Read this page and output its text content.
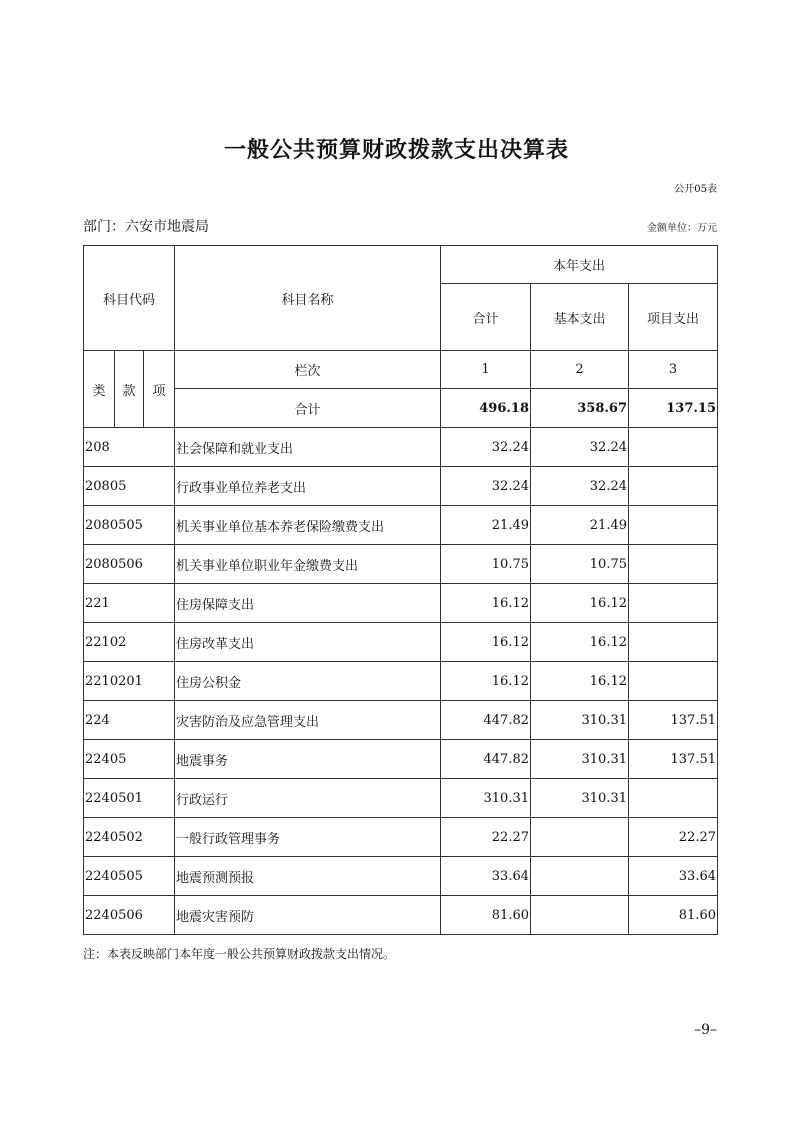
一般公共预算财政拨款支出决算表
公开05表
部门：六安市地震局	金额单位：万元
科目代码			科目名称	本年支出		
				合计	基本支出	项目支出
类	款	项	栏次	1	2	3
			合计	496.18	358.67	137.15
208			社会保障和就业支出	32.24	32.24	
20805			行政事业单位养老支出	32.24	32.24	
2080505			机关事业单位基本养老保险缴费支出	21.49	21.49	
2080506			机关事业单位职业年金缴费支出	10.75	10.75	
221			住房保障支出	16.12	16.12	
22102			住房改革支出	16.12	16.12	
2210201			住房公积金	16.12	16.12	
224			灾害防治及应急管理支出	447.82	310.31	137.51
22405			地震事务	447.82	310.31	137.51
2240501			行政运行	310.31	310.31	
2240502			一般行政管理事务	22.27		22.27
2240505			地震预测预报	33.64		33.64
2240506			地震灾害预防	81.60		81.60
注：本表反映部门本年度一般公共预算财政拨款支出情况。
–9–
